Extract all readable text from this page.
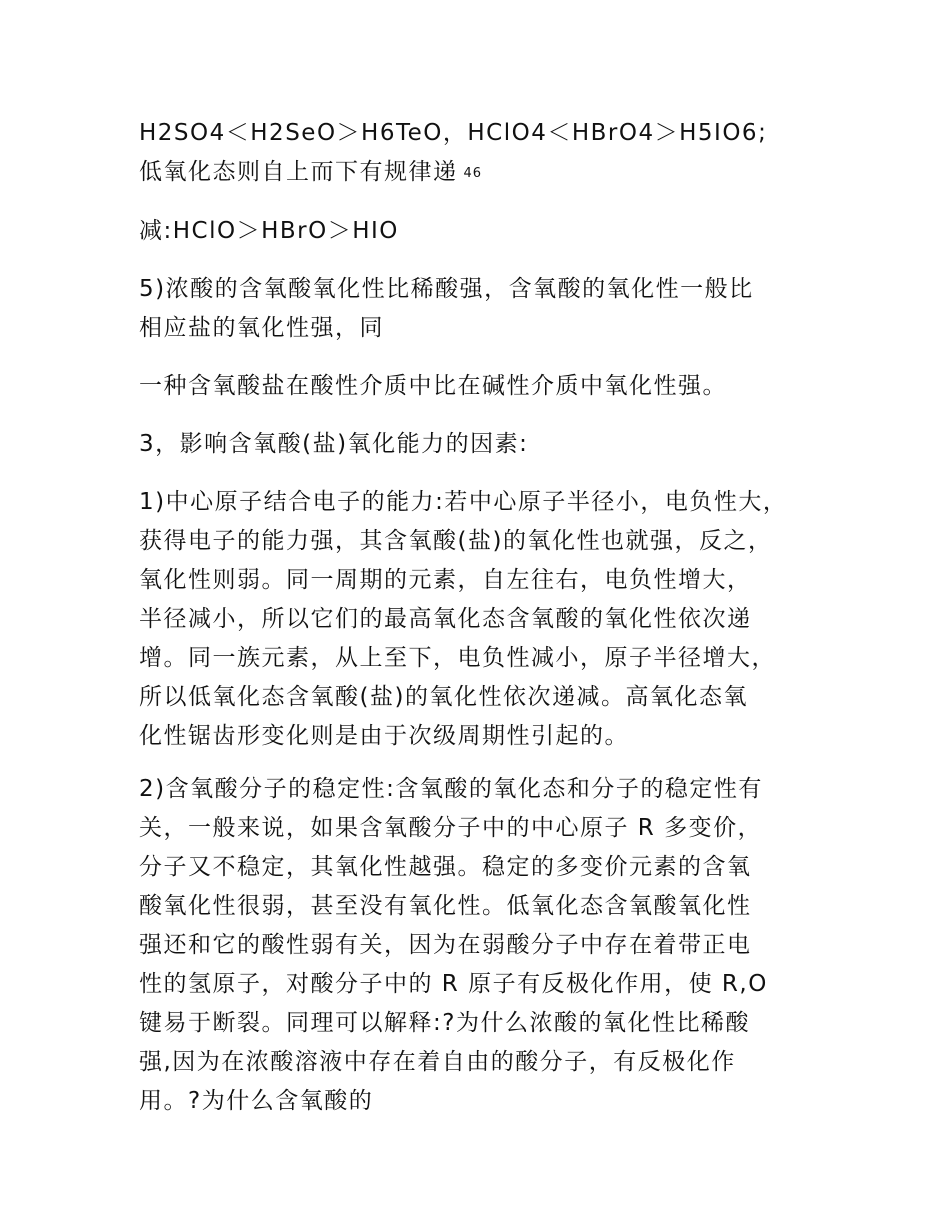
H2SO4＜H2SeO＞H6TeO，HClO4＜HBrO4＞H5IO6;
低氧化态则自上而下有规律递 46
减:HClO＞HBrO＞HIO
5)浓酸的含氧酸氧化性比稀酸强，含氧酸的氧化性一般比
相应盐的氧化性强，同
一种含氧酸盐在酸性介质中比在碱性介质中氧化性强。
3，影响含氧酸(盐)氧化能力的因素:
1)中心原子结合电子的能力:若中心原子半径小，电负性大，
获得电子的能力强，其含氧酸(盐)的氧化性也就强，反之，
氧化性则弱。同一周期的元素，自左往右，电负性增大，
半径减小，所以它们的最高氧化态含氧酸的氧化性依次递
增。同一族元素，从上至下，电负性减小，原子半径增大，
所以低氧化态含氧酸(盐)的氧化性依次递减。高氧化态氧
化性锯齿形变化则是由于次级周期性引起的。
2)含氧酸分子的稳定性:含氧酸的氧化态和分子的稳定性有
关，一般来说，如果含氧酸分子中的中心原子 R 多变价，
分子又不稳定，其氧化性越强。稳定的多变价元素的含氧
酸氧化性很弱，甚至没有氧化性。低氧化态含氧酸氧化性
强还和它的酸性弱有关，因为在弱酸分子中存在着带正电
性的氢原子，对酸分子中的 R 原子有反极化作用，使 R,O
键易于断裂。同理可以解释:?为什么浓酸的氧化性比稀酸
强,因为在浓酸溶液中存在着自由的酸分子，有反极化作
用。?为什么含氧酸的
